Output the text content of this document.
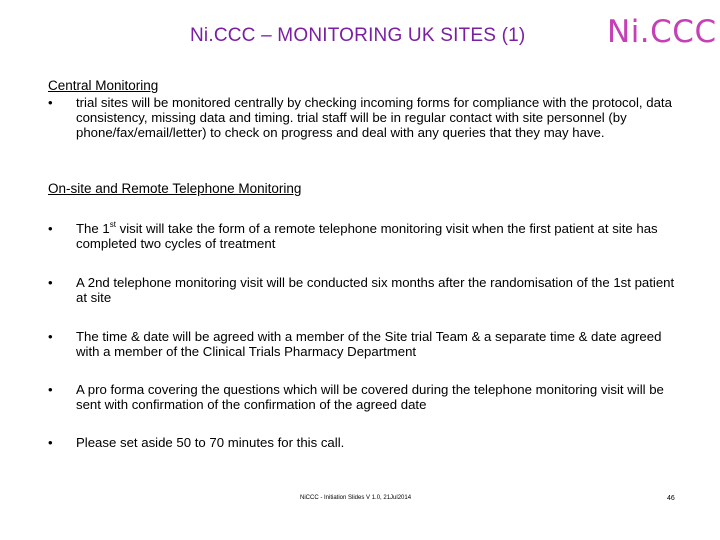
Ni.CCC – MONITORING UK SITES (1)	Ni.CCC
Central Monitoring
• trial sites will be monitored centrally by checking incoming forms for compliance with the protocol, data consistency, missing data and timing. trial staff will be in regular contact with site personnel (by phone/fax/email/letter) to check on progress and deal with any queries that they may have.
On-site and Remote Telephone Monitoring
• The 1st visit will take the form of a remote telephone monitoring visit when the first patient at site has completed two cycles of treatment
• A 2nd telephone monitoring visit will be conducted six months after the randomisation of the 1st patient at site
• The time & date will be agreed with a member of the Site trial Team & a separate time & date agreed with a member of the Clinical Trials Pharmacy Department
• A pro forma covering the questions which will be covered during the telephone monitoring visit will be sent with confirmation of the confirmation of the agreed date
• Please set aside 50 to 70 minutes for this call.
NiCCC - Initiation Slides V 1.0, 21Jul2014	46
